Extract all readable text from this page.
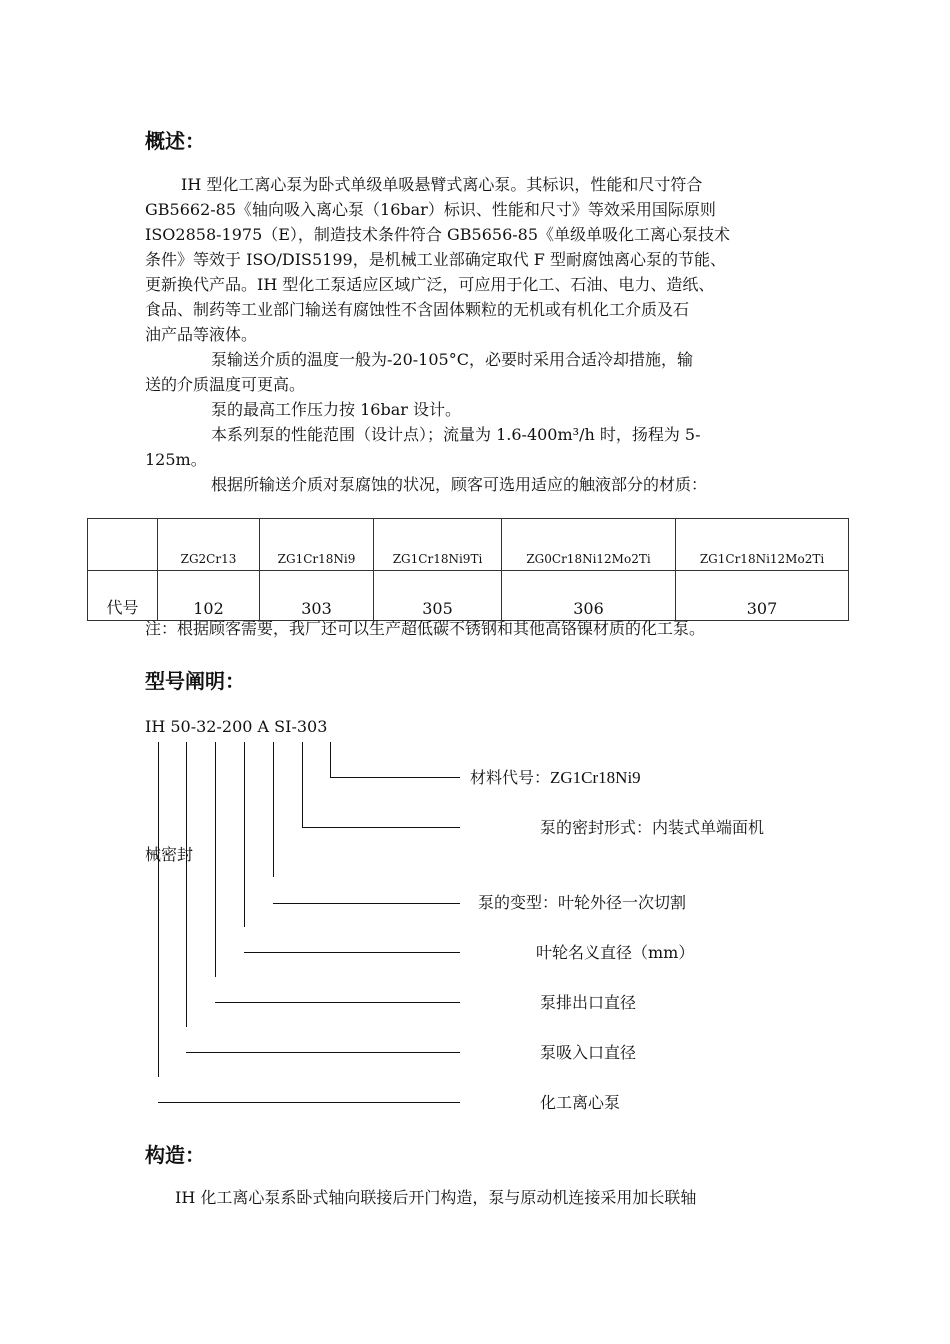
概述：
IH 型化工离心泵为卧式单级单吸悬臂式离心泵。其标识，性能和尺寸符合
GB5662-85《轴向吸入离心泵（16bar）标识、性能和尺寸》等效采用国际原则
ISO2858-1975（E），制造技术条件符合 GB5656-85《单级单吸化工离心泵技术
条件》等效于 ISO/DIS5199，是机械工业部确定取代 F 型耐腐蚀离心泵的节能、
更新换代产品。IH 型化工泵适应区域广泛，可应用于化工、石油、电力、造纸、
食品、制药等工业部门输送有腐蚀性不含固体颗粒的无机或有机化工介质及石
油产品等液体。
泵输送介质的温度一般为-20-105°C，必要时采用合适冷却措施，输
送的介质温度可更高。
泵的最高工作压力按 16bar 设计。
本系列泵的性能范围（设计点）；流量为 1.6-400m³/h 时，扬程为 5-
125m。
根据所输送介质对泵腐蚀的状况，顾客可选用适应的触液部分的材质：
	ZG2Cr13	ZG1Cr18Ni9	ZG1Cr18Ni9Ti	ZG0Cr18Ni12Mo2Ti	ZG1Cr18Ni12Mo2Ti
代号	102	303	305	306	307
注：根据顾客需要，我厂还可以生产超低碳不锈钢和其他高铬镍材质的化工泵。
型号阐明：
IH 50-32-200 A SI-303
材料代号：ZG1Cr18Ni9
泵的密封形式：内装式单端面机
械密封
泵的变型：叶轮外径一次切割
叶轮名义直径（mm）
泵排出口直径
泵吸入口直径
化工离心泵
构造：
IH 化工离心泵系卧式轴向联接后开门构造，泵与原动机连接采用加长联轴
